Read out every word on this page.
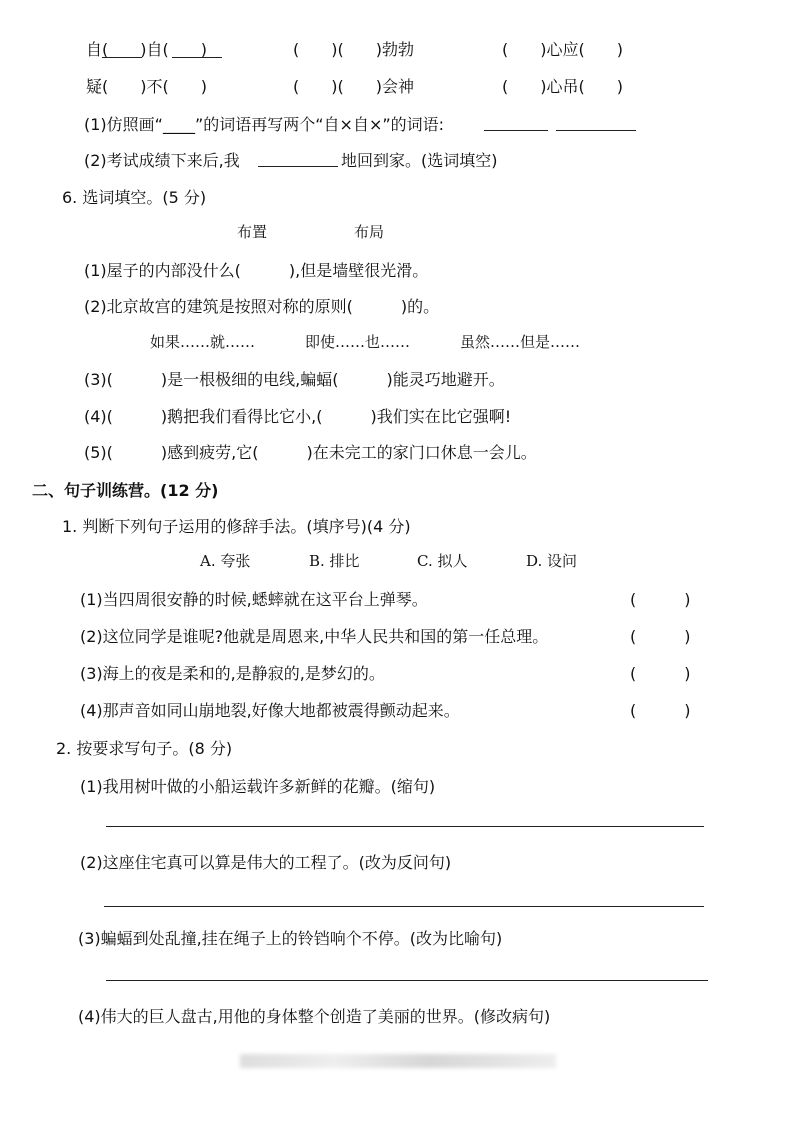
自(　　)自(　　)	(　　)(　　)勃勃	(　　)心应(　　)
疑(　　)不(　　)	(　　)(　　)会神	(　　)心吊(　　)
(1)仿照画“____”的词语再写两个“自×自×”的词语:
(2)考试成绩下来后,我	地回到家。(选词填空)
6. 选词填空。(5 分)
布置	布局
(1)屋子的内部没什么(　　　),但是墙壁很光滑。
(2)北京故宫的建筑是按照对称的原则(　　　)的。
如果……就……	即使……也……	虽然……但是……
(3)(　　　)是一根极细的电线,蝙蝠(　　　)能灵巧地避开。
(4)(　　　)鹅把我们看得比它小,(　　　)我们实在比它强啊!
(5)(　　　)感到疲劳,它(　　　)在未完工的家门口休息一会儿。
二、句子训练营。(12 分)
1. 判断下列句子运用的修辞手法。(填序号)(4 分)
A. 夸张	B. 排比	C. 拟人	D. 设问
(1)当四周很安静的时候,蟋蟀就在这平台上弹琴。	(　　　)
(2)这位同学是谁呢?他就是周恩来,中华人民共和国的第一任总理。	(　　　)
(3)海上的夜是柔和的,是静寂的,是梦幻的。	(　　　)
(4)那声音如同山崩地裂,好像大地都被震得颤动起来。	(　　　)
2. 按要求写句子。(8 分)
(1)我用树叶做的小船运载许多新鲜的花瓣。(缩句)
(2)这座住宅真可以算是伟大的工程了。(改为反问句)
(3)蝙蝠到处乱撞,挂在绳子上的铃铛响个不停。(改为比喻句)
(4)伟大的巨人盘古,用他的身体整个创造了美丽的世界。(修改病句)
